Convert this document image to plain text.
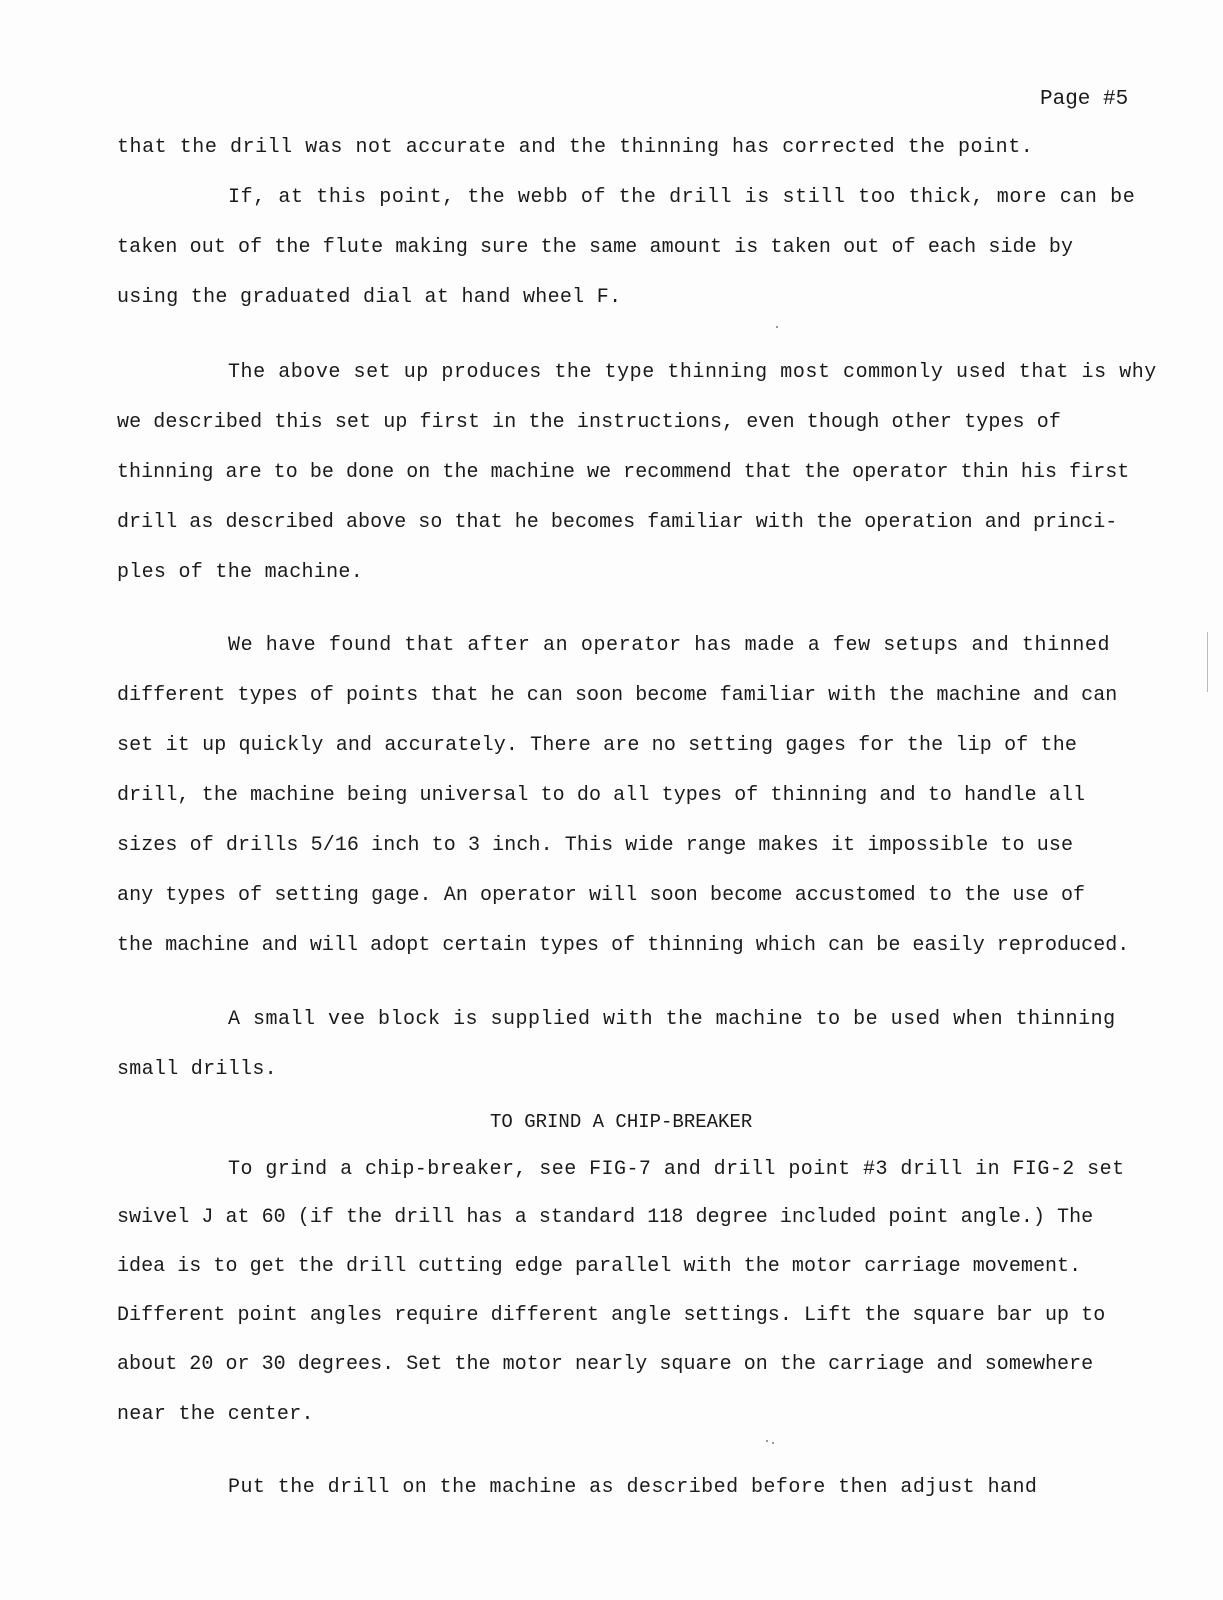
Page #5
that the drill was not accurate and the thinning has corrected the point.
If, at this point, the webb of the drill is still too thick, more can be
taken out of the flute making sure the same amount is taken out of each side by
using the graduated dial at hand wheel F.
The above set up produces the type thinning most commonly used that is why
we described this set up first in the instructions, even though other types of
thinning are to be done on the machine we recommend that the operator thin his first
drill as described above so that he becomes familiar with the operation and princi-
ples of the machine.
We have found that after an operator has made a few setups and thinned
different types of points that he can soon become familiar with the machine and can
set it up quickly and accurately. There are no setting gages for the lip of the
drill, the machine being universal to do all types of thinning and to handle all
sizes of drills 5/16 inch to 3 inch. This wide range makes it impossible to use
any types of setting gage. An operator will soon become accustomed to the use of
the machine and will adopt certain types of thinning which can be easily reproduced.
A small vee block is supplied with the machine to be used when thinning
small drills.
TO GRIND A CHIP-BREAKER
To grind a chip-breaker, see FIG-7 and drill point #3 drill in FIG-2 set
swivel J at 60 (if the drill has a standard 118 degree included point angle.) The
idea is to get the drill cutting edge parallel with the motor carriage movement.
Different point angles require different angle settings. Lift the square bar up to
about 20 or 30 degrees. Set the motor nearly square on the carriage and somewhere
near the center.
Put the drill on the machine as described before then adjust hand
